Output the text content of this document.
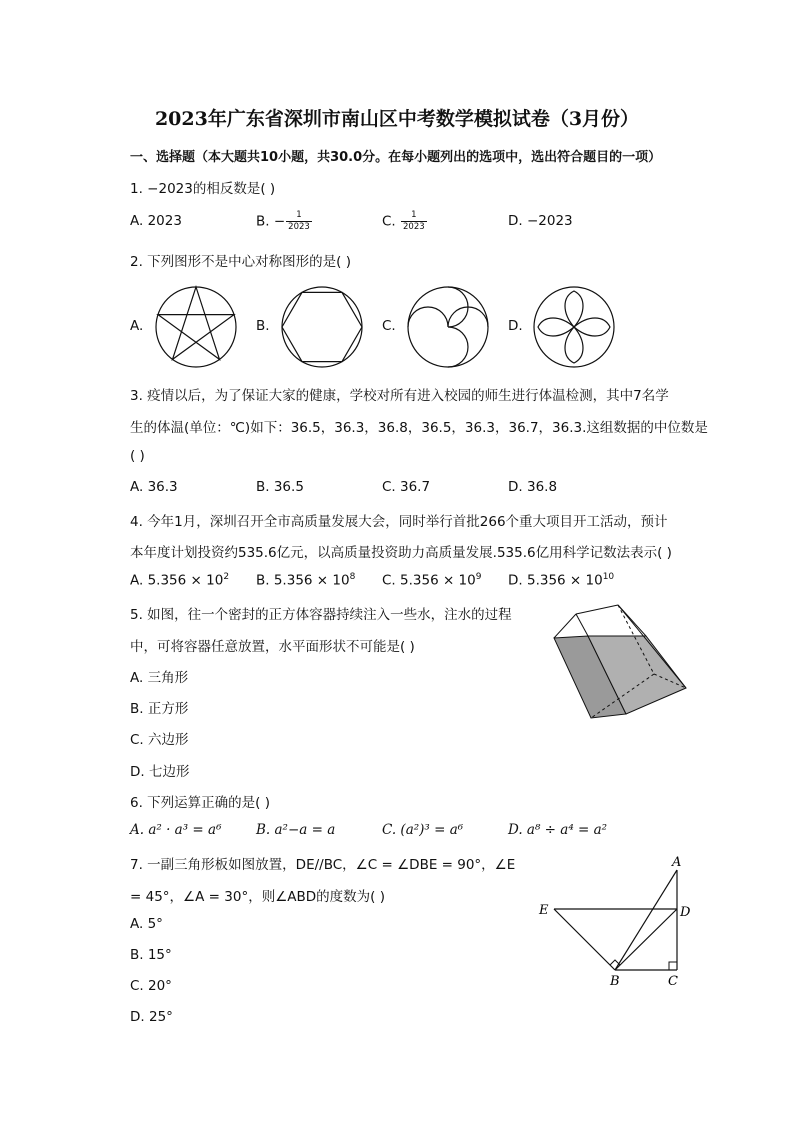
2023年广东省深圳市南山区中考数学模拟试卷（3月份）
一、选择题（本大题共10小题，共30.0分。在每小题列出的选项中，选出符合题目的一项）
1. −2023的相反数是( )
A. 2023	B. − $\frac{1}{2023}$	C. $\frac{1}{2023}$	D. −2023
2. 下列图形不是中心对称图形的是( )
A.	B.	C.	D.
3. 疫情以后，为了保证大家的健康，学校对所有进入校园的师生进行体温检测，其中7名学
生的体温(单位：℃)如下：36.5，36.3，36.8，36.5，36.3，36.7，36.3.这组数据的中位数是
( )
A. 36.3	B. 36.5	C. 36.7	D. 36.8
4. 今年1月，深圳召开全市高质量发展大会，同时举行首批266个重大项目开工活动，预计
本年度计划投资约535.6亿元，以高质量投资助力高质量发展.535.6亿用科学记数法表示( )
A. $5.356 \times 10^2$ B. $5.356 \times 10^8$ C. $5.356 \times 10^9$ D. $5.356 \times 10^{10}$
5. 如图，往一个密封的正方体容器持续注入一些水，注水的过程
中，可将容器任意放置，水平面形状不可能是( )
A. 三角形
B. 正方形
C. 六边形
D. 七边形
6. 下列运算正确的是( )
A. a² · a³ = a⁶	B. a²−a = a	C. (a²)³ = a⁶	D. a⁸ ÷ a⁴ = a²
7. 一副三角形板如图放置，DE//BC，∠C = ∠DBE = 90°，∠E
= 45°，∠A = 30°，则∠ABD的度数为( )
A. 5°
B. 15°
C. 20°
D. 25°
A
E	D
B	C
